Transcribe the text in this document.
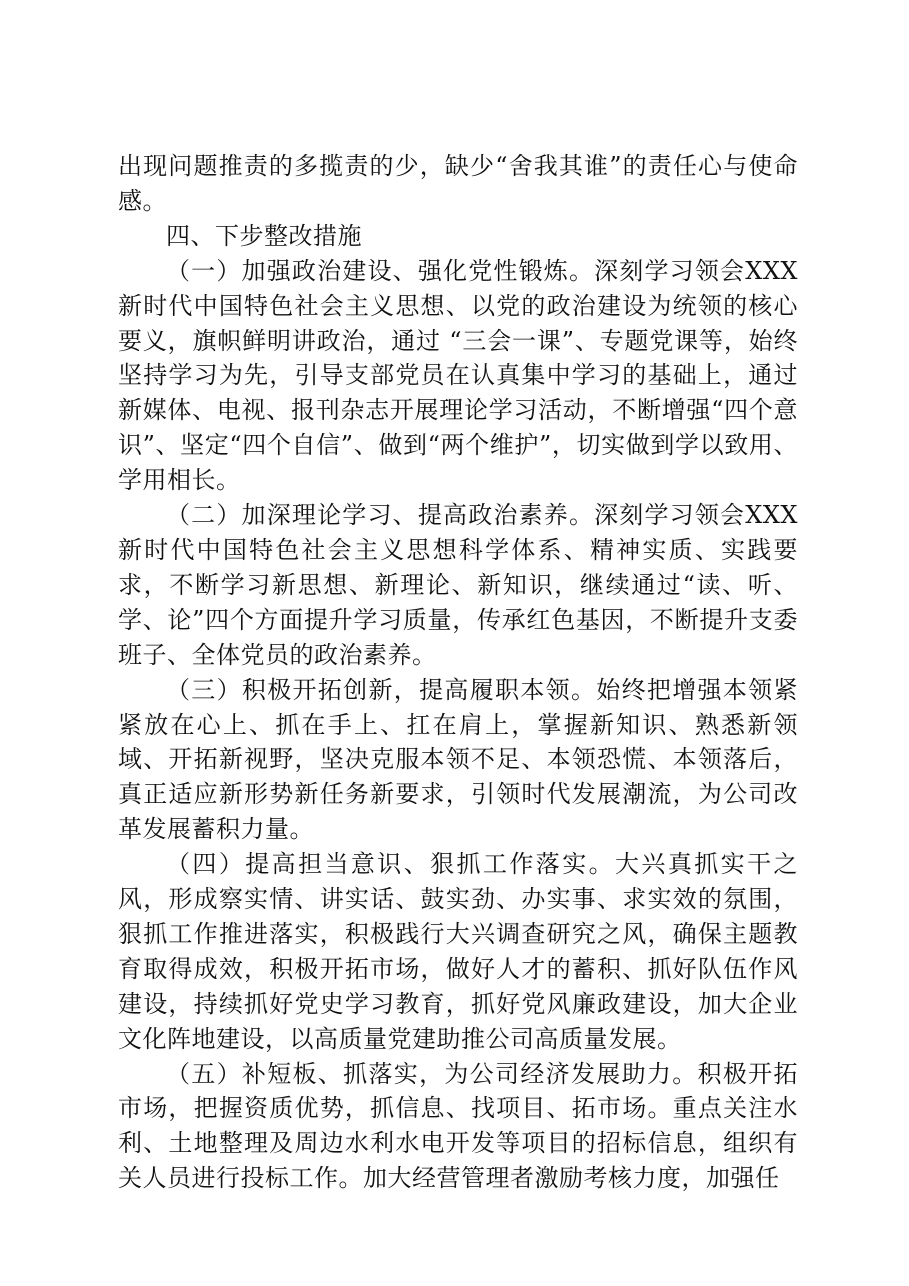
出现问题推责的多揽责的少，缺少“舍我其谁”的责任心与使命感。

四、下步整改措施

（一）加强政治建设、强化党性锻炼。深刻学习领会XXX新时代中国特色社会主义思想、以党的政治建设为统领的核心要义，旗帜鲜明讲政治，通过 “三会一课”、专题党课等，始终坚持学习为先，引导支部党员在认真集中学习的基础上，通过新媒体、电视、报刊杂志开展理论学习活动，不断增强“四个意识”、坚定“四个自信”、做到“两个维护”，切实做到学以致用、学用相长。

（二）加深理论学习、提高政治素养。深刻学习领会XXX新时代中国特色社会主义思想科学体系、精神实质、实践要求，不断学习新思想、新理论、新知识，继续通过“读、听、学、论”四个方面提升学习质量，传承红色基因，不断提升支委班子、全体党员的政治素养。

（三）积极开拓创新，提高履职本领。始终把增强本领紧紧放在心上、抓在手上、扛在肩上，掌握新知识、熟悉新领域、开拓新视野，坚决克服本领不足、本领恐慌、本领落后，真正适应新形势新任务新要求，引领时代发展潮流，为公司改革发展蓄积力量。

（四）提高担当意识、狠抓工作落实。大兴真抓实干之风，形成察实情、讲实话、鼓实劲、办实事、求实效的氛围，狠抓工作推进落实，积极践行大兴调查研究之风，确保主题教育取得成效，积极开拓市场，做好人才的蓄积、抓好队伍作风建设，持续抓好党史学习教育，抓好党风廉政建设，加大企业文化阵地建设，以高质量党建助推公司高质量发展。

（五）补短板、抓落实，为公司经济发展助力。积极开拓市场，把握资质优势，抓信息、找项目、拓市场。重点关注水利、土地整理及周边水利水电开发等项目的招标信息，组织有关人员进行投标工作。加大经营管理者激励考核力度，加强任
